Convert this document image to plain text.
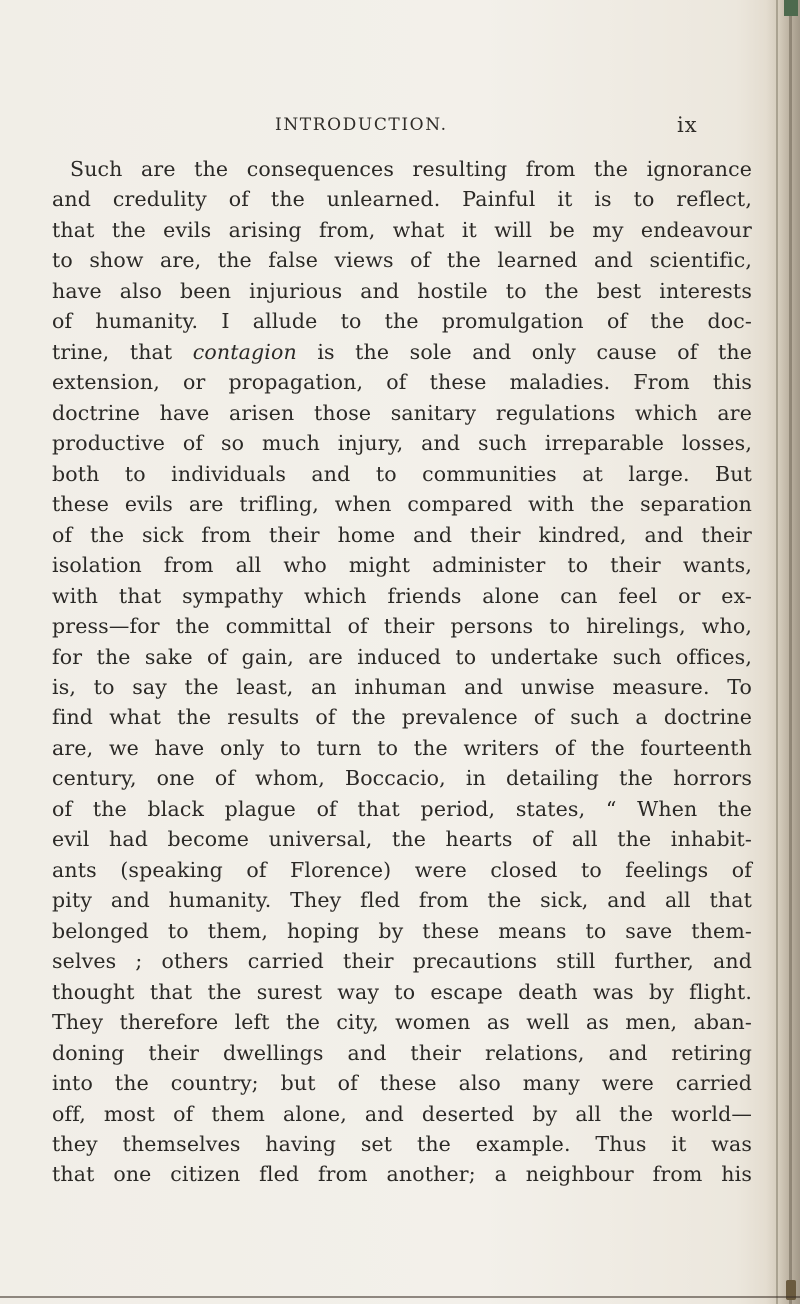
INTRODUCTION.	ix
Such are the consequences resulting from the ignorance
and credulity of the unlearned. Painful it is to reflect,
that the evils arising from, what it will be my endeavour
to show are, the false views of the learned and scientific,
have also been injurious and hostile to the best interests
of humanity. I allude to the promulgation of the doc-
trine, that contagion is the sole and only cause of the
extension, or propagation, of these maladies. From this
doctrine have arisen those sanitary regulations which are
productive of so much injury, and such irreparable losses,
both to individuals and to communities at large. But
these evils are trifling, when compared with the separation
of the sick from their home and their kindred, and their
isolation from all who might administer to their wants,
with that sympathy which friends alone can feel or ex-
press—for the committal of their persons to hirelings, who,
for the sake of gain, are induced to undertake such offices,
is, to say the least, an inhuman and unwise measure. To
find what the results of the prevalence of such a doctrine
are, we have only to turn to the writers of the fourteenth
century, one of whom, Boccacio, in detailing the horrors
of the black plague of that period, states, “ When the
evil had become universal, the hearts of all the inhabit-
ants (speaking of Florence) were closed to feelings of
pity and humanity. They fled from the sick, and all that
belonged to them, hoping by these means to save them-
selves ; others carried their precautions still further, and
thought that the surest way to escape death was by flight.
They therefore left the city, women as well as men, aban-
doning their dwellings and their relations, and retiring
into the country; but of these also many were carried
off, most of them alone, and deserted by all the world—
they themselves having set the example. Thus it was
that one citizen fled from another; a neighbour from his
